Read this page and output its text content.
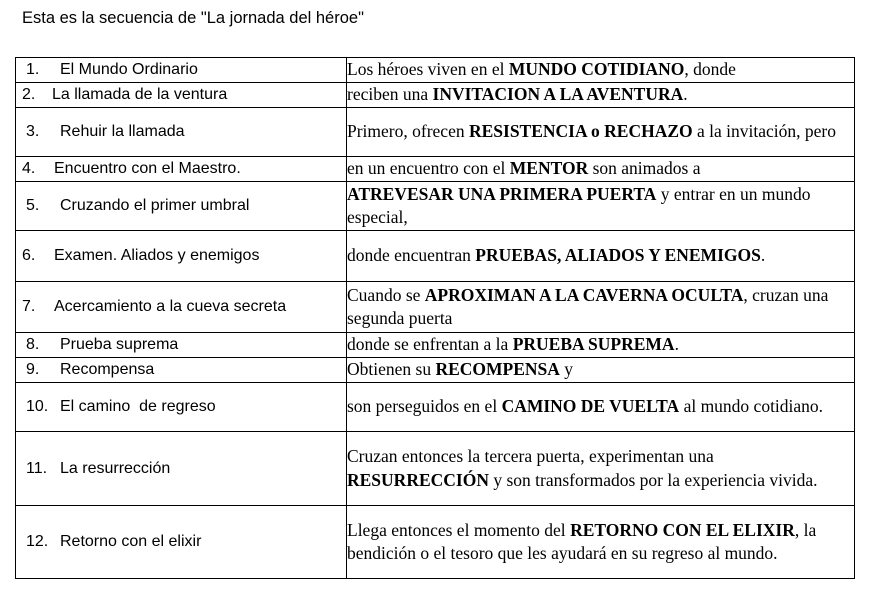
Esta es la secuencia de "La jornada del héroe"
1. El Mundo Ordinario	Los héroes viven en el MUNDO COTIDIANO, donde
2. La llamada de la ventura	reciben una INVITACION A LA AVENTURA.
3. Rehuir la llamada	Primero, ofrecen RESISTENCIA o RECHAZO a la invitación, pero
4. Encuentro con el Maestro.	en un encuentro con el MENTOR son animados a
5. Cruzando el primer umbral	ATREVESAR UNA PRIMERA PUERTA y entrar en un mundo especial,
6. Examen. Aliados y enemigos	donde encuentran PRUEBAS, ALIADOS Y ENEMIGOS.
7. Acercamiento a la cueva secreta	Cuando se APROXIMAN A LA CAVERNA OCULTA, cruzan una segunda puerta
8. Prueba suprema	donde se enfrentan a la PRUEBA SUPREMA.
9. Recompensa	Obtienen su RECOMPENSA y
10. El camino  de regreso	son perseguidos en el CAMINO DE VUELTA al mundo cotidiano.
11. La resurrección	Cruzan entonces la tercera puerta, experimentan una RESURRECCIÓN y son transformados por la experiencia vivida.
12. Retorno con el elixir	Llega entonces el momento del RETORNO CON EL ELIXIR, la bendición o el tesoro que les ayudará en su regreso al mundo.
